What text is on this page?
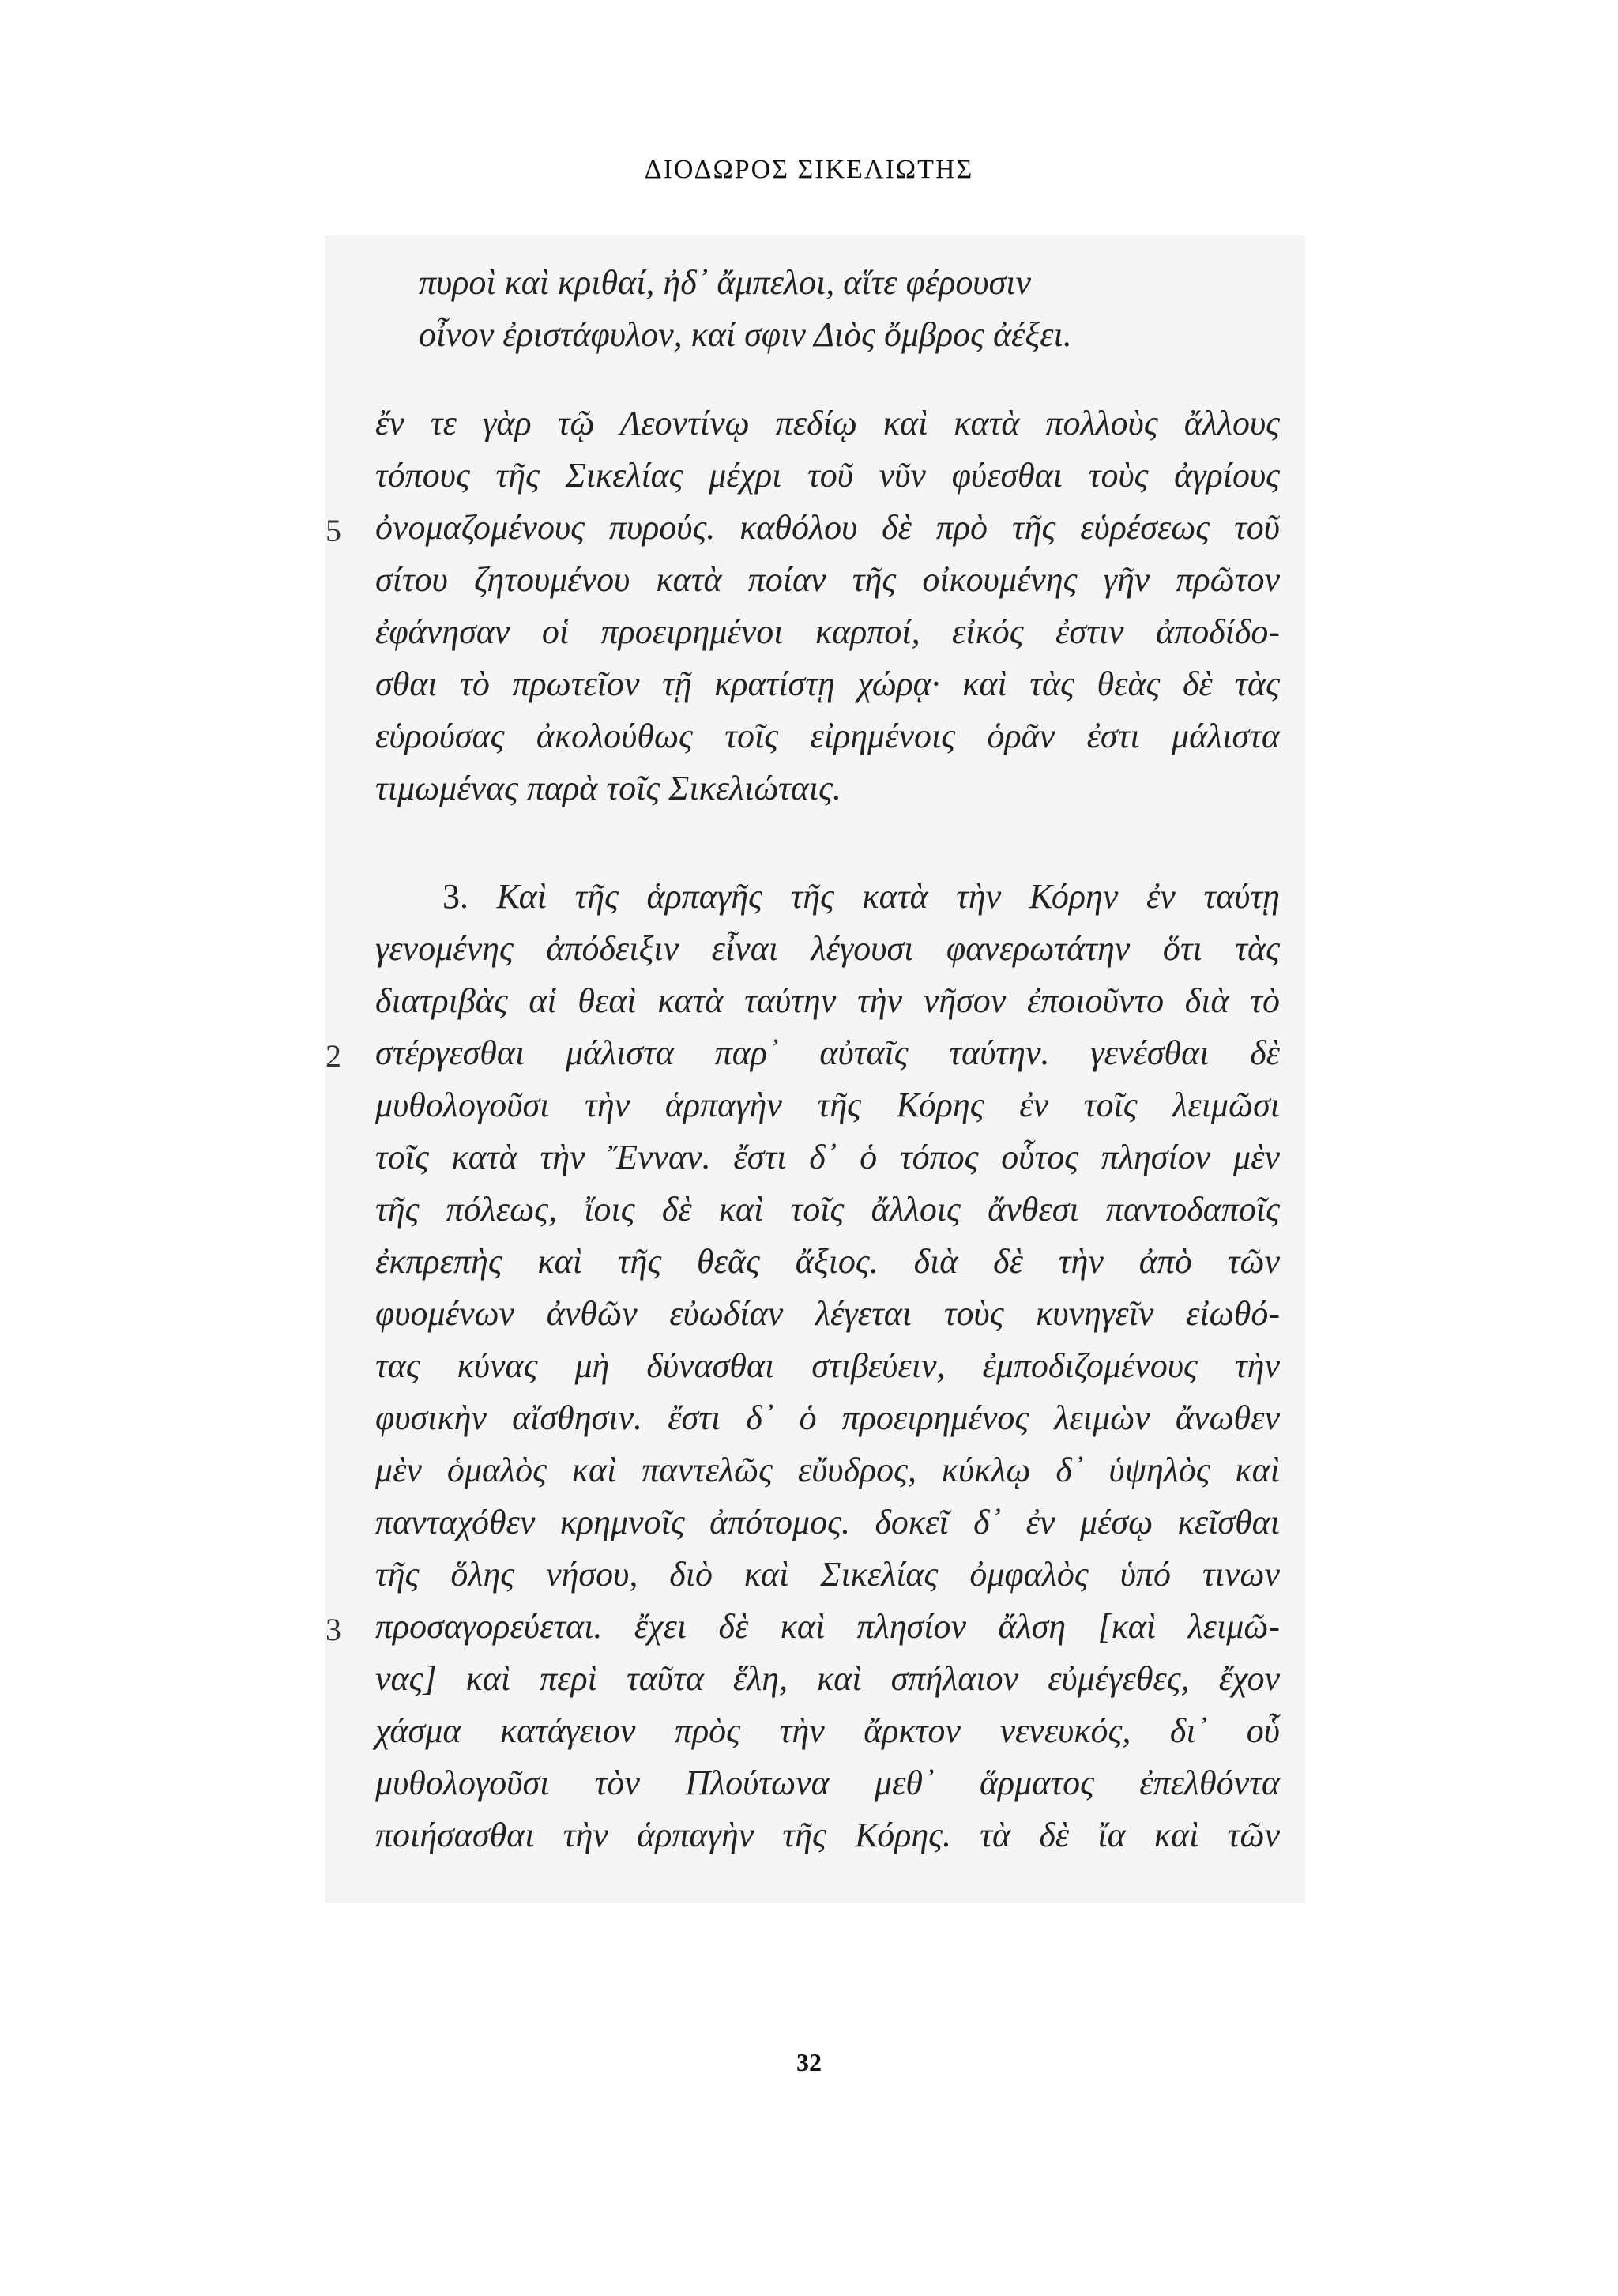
ΔΙΟΔΩΡΟΣ ΣΙΚΕΛΙΩΤΗΣ
πυροὶ καὶ κριθαί, ἠδ᾽ ἄμπελοι, αἵτε φέρουσιν
οἶνον ἐριστάφυλον, καί σφιν Διὸς ὄμβρος ἀέξει.
ἔν τε γὰρ τῷ Λεοντίνῳ πεδίῳ καὶ κατὰ πολλοὺς ἄλλους
τόπους τῆς Σικελίας μέχρι τοῦ νῦν φύεσθαι τοὺς ἀγρίους
5 ὀνομαζομένους πυρούς. καθόλου δὲ πρὸ τῆς εὑρέσεως τοῦ
σίτου ζητουμένου κατὰ ποίαν τῆς οἰκουμένης γῆν πρῶτον
ἐφάνησαν οἱ προειρημένοι καρποί, εἰκός ἐστιν ἀποδίδο-
σθαι τὸ πρωτεῖον τῇ κρατίστῃ χώρᾳ· καὶ τὰς θεὰς δὲ τὰς
εὑρούσας ἀκολούθως τοῖς εἰρημένοις ὁρᾶν ἐστι μάλιστα
τιμωμένας παρὰ τοῖς Σικελιώταις.
3. Καὶ τῆς ἁρπαγῆς τῆς κατὰ τὴν Κόρην ἐν ταύτῃ
γενομένης ἀπόδειξιν εἶναι λέγουσι φανερωτάτην ὅτι τὰς
διατριβὰς αἱ θεαὶ κατὰ ταύτην τὴν νῆσον ἐποιοῦντο διὰ τὸ
2 στέργεσθαι μάλιστα παρ᾽ αὐταῖς ταύτην. γενέσθαι δὲ
μυθολογοῦσι τὴν ἁρπαγὴν τῆς Κόρης ἐν τοῖς λειμῶσι
τοῖς κατὰ τὴν Ἔνναν. ἔστι δ᾽ ὁ τόπος οὗτος πλησίον μὲν
τῆς πόλεως, ἴοις δὲ καὶ τοῖς ἄλλοις ἄνθεσι παντοδαποῖς
ἐκπρεπὴς καὶ τῆς θεᾶς ἄξιος. διὰ δὲ τὴν ἀπὸ τῶν
φυομένων ἀνθῶν εὐωδίαν λέγεται τοὺς κυνηγεῖν εἰωθό-
τας κύνας μὴ δύνασθαι στιβεύειν, ἐμποδιζομένους τὴν
φυσικὴν αἴσθησιν. ἔστι δ᾽ ὁ προειρημένος λειμὼν ἄνωθεν
μὲν ὁμαλὸς καὶ παντελῶς εὔυδρος, κύκλῳ δ᾽ ὑψηλὸς καὶ
πανταχόθεν κρημνοῖς ἀπότομος. δοκεῖ δ᾽ ἐν μέσῳ κεῖσθαι
τῆς ὅλης νήσου, διὸ καὶ Σικελίας ὀμφαλὸς ὑπό τινων
3 προσαγορεύεται. ἔχει δὲ καὶ πλησίον ἄλση [καὶ λειμῶ-
νας] καὶ περὶ ταῦτα ἕλη, καὶ σπήλαιον εὐμέγεθες, ἔχον
χάσμα κατάγειον πρὸς τὴν ἄρκτον νενευκός, δι᾽ οὗ
μυθολογοῦσι τὸν Πλούτωνα μεθ᾽ ἅρματος ἐπελθόντα
ποιήσασθαι τὴν ἁρπαγὴν τῆς Κόρης. τὰ δὲ ἴα καὶ τῶν
32
